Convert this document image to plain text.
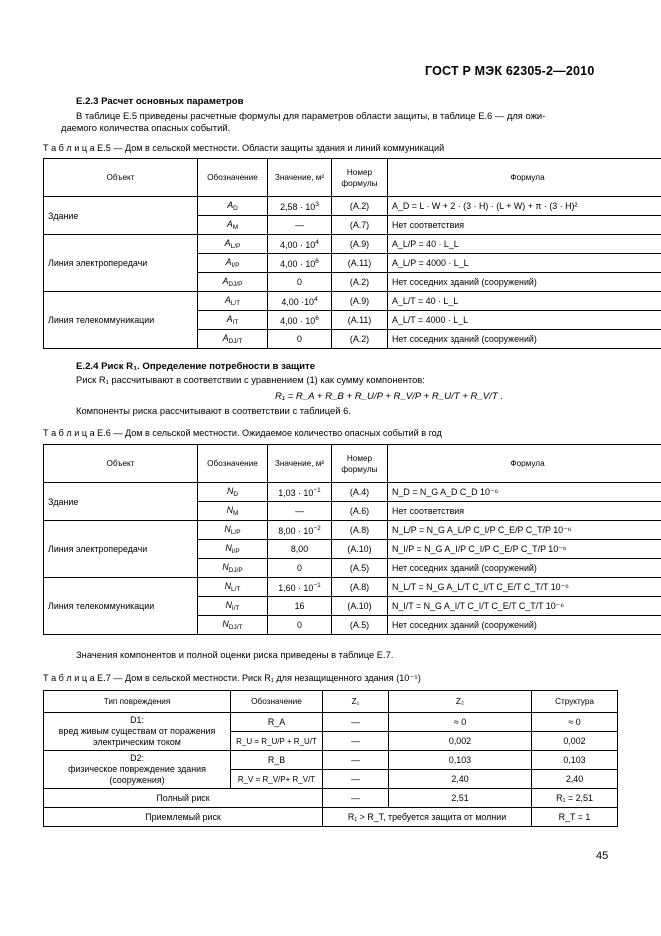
ГОСТ Р МЭК 62305-2—2010
E.2.3 Расчет основных параметров
В таблице Е.5 приведены расчетные формулы для параметров области защиты, в таблице Е.6 — для ожи-
даемого количества опасных событий.
Т а б л и ц а Е.5 — Дом в сельской местности. Области защиты здания и линий коммуникаций
Объект	Обозначение	Значение, м²	Номер формулы	Формула
Здание	$A_D$	$2,58 \cdot 10^3$	(А.2)	A_D = L · W + 2 · (3 · H) · (L + W) + π · (3 · H)²
	$A_M$	—	(А.7)	Нет соответствия
Линия электропередачи	$A_{L/P}$	$4,00 \cdot 10^4$	(А.9)	A_L/P = 40 · L_L
	$A_{I/P}$	$4,00 \cdot 10^6$	(А.11)	A_L/P = 4000 · L_L
	$A_{DJ/P}$	0	(А.2)	Нет соседних зданий (сооружений)
Линия телекоммуникации	$A_{L/T}$	$4,00 \cdot 10^4$	(А.9)	A_L/T = 40 · L_L
	$A_{IT}$	$4,00 \cdot 10^6$	(А.11)	A_L/T = 4000 · L_L
	$A_{DJ/T}$	0	(А.2)	Нет соседних зданий (сооружений)
E.2.4 Риск R₁. Определение потребности в защите
Риск R₁ рассчитывают в соответствии с уравнением (1) как сумму компонентов:
R₁ = R_A + R_B + R_U/P + R_V/P + R_U/T + R_V/T .
Компоненты риска рассчитывают в соответствии с таблицей 6.
Т а б л и ц а Е.6 — Дом в сельской местности. Ожидаемое количество опасных событий в год
Объект	Обозначение	Значение, м²	Номер формулы	Формула
Здание	$N_D$	$1,03 \cdot 10^{-1}$	(А.4)	N_D = N_G A_D C_D 10⁻⁶
	$N_M$	—	(А.6)	Нет соответствия
Линия электропередачи	$N_{L/P}$	$8,00 \cdot 10^{-2}$	(А.8)	N_L/P = N_G A_L/P C_I/P C_E/P C_T/P 10⁻⁶
	$N_{I/P}$	8,00	(А.10)	N_I/P = N_G A_I/P C_I/P C_E/P C_T/P 10⁻⁶
	$N_{DJ/P}$	0	(А.5)	Нет соседних зданий (сооружений)
Линия телекоммуникации	$N_{L/T}$	$1,60 \cdot 10^{-1}$	(А.8)	N_L/T = N_G A_L/T C_I/T C_E/T C_T/T 10⁻⁶
	$N_{I/T}$	16	(А.10)	N_I/T = N_G A_I/T C_I/T C_E/T C_T/T 10⁻⁶
	$N_{DJ/T}$	0	(А.5)	Нет соседних зданий (сооружений)
Значения компонентов и полной оценки риска приведены в таблице Е.7.
Т а б л и ц а Е.7 — Дом в сельской местности. Риск R₁ для незащищенного здания (10⁻⁵)
Тип повреждения	Обозначение	Z₁	Z₂	Структура
D1:
вред живым существам от поражения электрическим током	R_A	—	≈ 0	≈ 0
	R_U = R_U/P + R_U/T	—	0,002	0,002
D2:
физическое повреждение здания (сооружения)	R_B	—	0,103	0,103
	R_V = R_V/P+ R_V/T	—	2,40	2,40
Полный риск		—	2,51	R₁ = 2,51
Приемлемый риск		R₁ > R_T, требуется защита от молнии		R_T = 1
45
